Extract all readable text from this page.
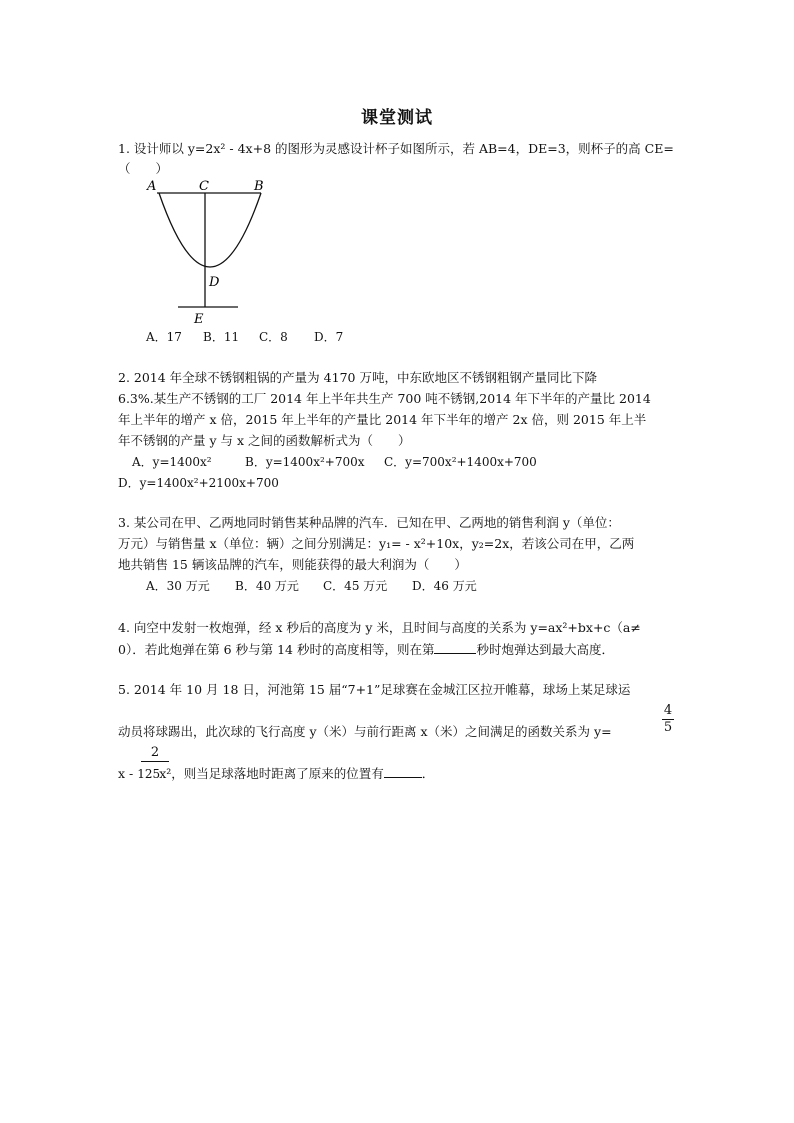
课堂测试
1. 设计师以 y=2x² - 4x+8 的图形为灵感设计杯子如图所示，若 AB=4，DE=3，则杯子的高 CE=
（　　）
A	C	B
D
E
A．17 B．11 C．8 D．7
2. 2014 年全球不锈钢粗锅的产量为 4170 万吨，中东欧地区不锈钢粗钢产量同比下降
6.3%.某生产不锈钢的工厂 2014 年上半年共生产 700 吨不锈钢,2014 年下半年的产量比 2014
年上半年的增产 x 倍，2015 年上半年的产量比 2014 年下半年的增产 2x 倍，则 2015 年上半
年不锈钢的产量 y 与 x 之间的函数解析式为（　　）
A．y=1400x²	B．y=1400x²+700x C．y=700x²+1400x+700
D．y=1400x²+2100x+700
3. 某公司在甲、乙两地同时销售某种品牌的汽车．已知在甲、乙两地的销售利润 y（单位：
万元）与销售量 x（单位：辆）之间分别满足：y₁= - x²+10x，y₂=2x，若该公司在甲，乙两
地共销售 15 辆该品牌的汽车，则能获得的最大利润为（　　）
A．30 万元 B．40 万元 C．45 万元 D．46 万元
4. 向空中发射一枚炮弹，经 x 秒后的高度为 y 米，且时间与高度的关系为 y=ax²+bx+c（a≠
0）．若此炮弹在第 6 秒与第 14 秒时的高度相等，则在第	秒时炮弹达到最大高度．
5. 2014 年 10 月 18 日，河池第 15 届“7+1”足球赛在金城江区拉开帷幕，球场上某足球运
动员将球踢出，此次球的飞行高度 y（米）与前行距离 x（米）之间满足的函数关系为 y=
4
5
2
x - 125x²，则当足球落地时距离了原来的位置有	．
